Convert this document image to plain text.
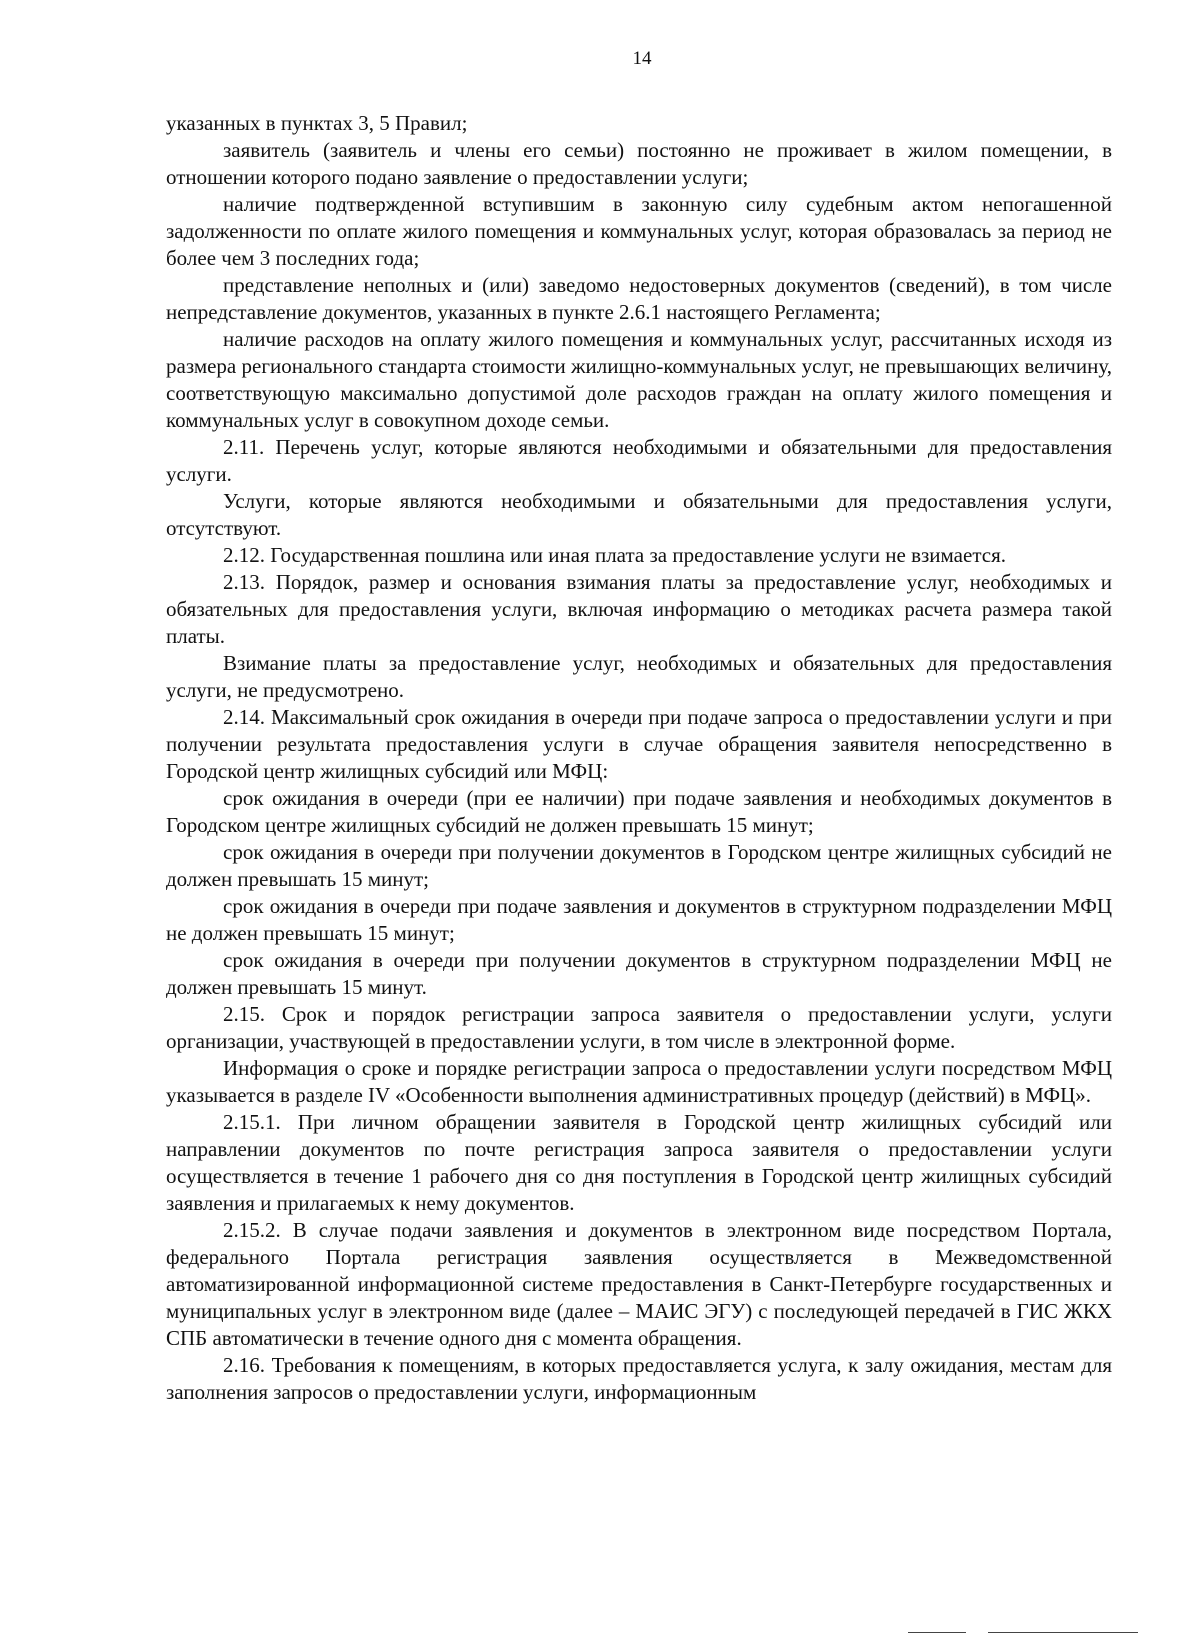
14

указанных в пунктах 3, 5 Правил;

заявитель (заявитель и члены его семьи) постоянно не проживает в жилом помещении, в отношении которого подано заявление о предоставлении услуги;

наличие подтвержденной вступившим в законную силу судебным актом непогашенной задолженности по оплате жилого помещения и коммунальных услуг, которая образовалась за период не более чем 3 последних года;

представление неполных и (или) заведомо недостоверных документов (сведений), в том числе непредставление документов, указанных в пункте 2.6.1 настоящего Регламента;

наличие расходов на оплату жилого помещения и коммунальных услуг, рассчитанных исходя из размера регионального стандарта стоимости жилищно-коммунальных услуг, не превышающих величину, соответствующую максимально допустимой доле расходов граждан на оплату жилого помещения и коммунальных услуг в совокупном доходе семьи.

2.11. Перечень услуг, которые являются необходимыми и обязательными для предоставления услуги.

Услуги, которые являются необходимыми и обязательными для предоставления услуги, отсутствуют.

2.12. Государственная пошлина или иная плата за предоставление услуги не взимается.

2.13. Порядок, размер и основания взимания платы за предоставление услуг, необходимых и обязательных для предоставления услуги, включая информацию о методиках расчета размера такой платы.

Взимание платы за предоставление услуг, необходимых и обязательных для предоставления услуги, не предусмотрено.

2.14. Максимальный срок ожидания в очереди при подаче запроса о предоставлении услуги и при получении результата предоставления услуги в случае обращения заявителя непосредственно в Городской центр жилищных субсидий или МФЦ:

срок ожидания в очереди (при ее наличии) при подаче заявления и необходимых документов в Городском центре жилищных субсидий не должен превышать 15 минут;

срок ожидания в очереди при получении документов в Городском центре жилищных субсидий не должен превышать 15 минут;

срок ожидания в очереди при подаче заявления и документов в структурном подразделении МФЦ не должен превышать 15 минут;

срок ожидания в очереди при получении документов в структурном подразделении МФЦ не должен превышать 15 минут.

2.15. Срок и порядок регистрации запроса заявителя о предоставлении услуги, услуги организации, участвующей в предоставлении услуги, в том числе в электронной форме.

Информация о сроке и порядке регистрации запроса о предоставлении услуги посредством МФЦ указывается в разделе IV «Особенности выполнения административных процедур (действий) в МФЦ».

2.15.1. При личном обращении заявителя в Городской центр жилищных субсидий или направлении документов по почте регистрация запроса заявителя о предоставлении услуги осуществляется в течение 1 рабочего дня со дня поступления в Городской центр жилищных субсидий заявления и прилагаемых к нему документов.

2.15.2. В случае подачи заявления и документов в электронном виде посредством Портала, федерального Портала регистрация заявления осуществляется в Межведомственной автоматизированной информационной системе предоставления в Санкт-Петербурге государственных и муниципальных услуг в электронном виде (далее – МАИС ЭГУ) с последующей передачей в ГИС ЖКХ СПБ автоматически в течение одного дня с момента обращения.

2.16. Требования к помещениям, в которых предоставляется услуга, к залу ожидания, местам для заполнения запросов о предоставлении услуги, информационным
